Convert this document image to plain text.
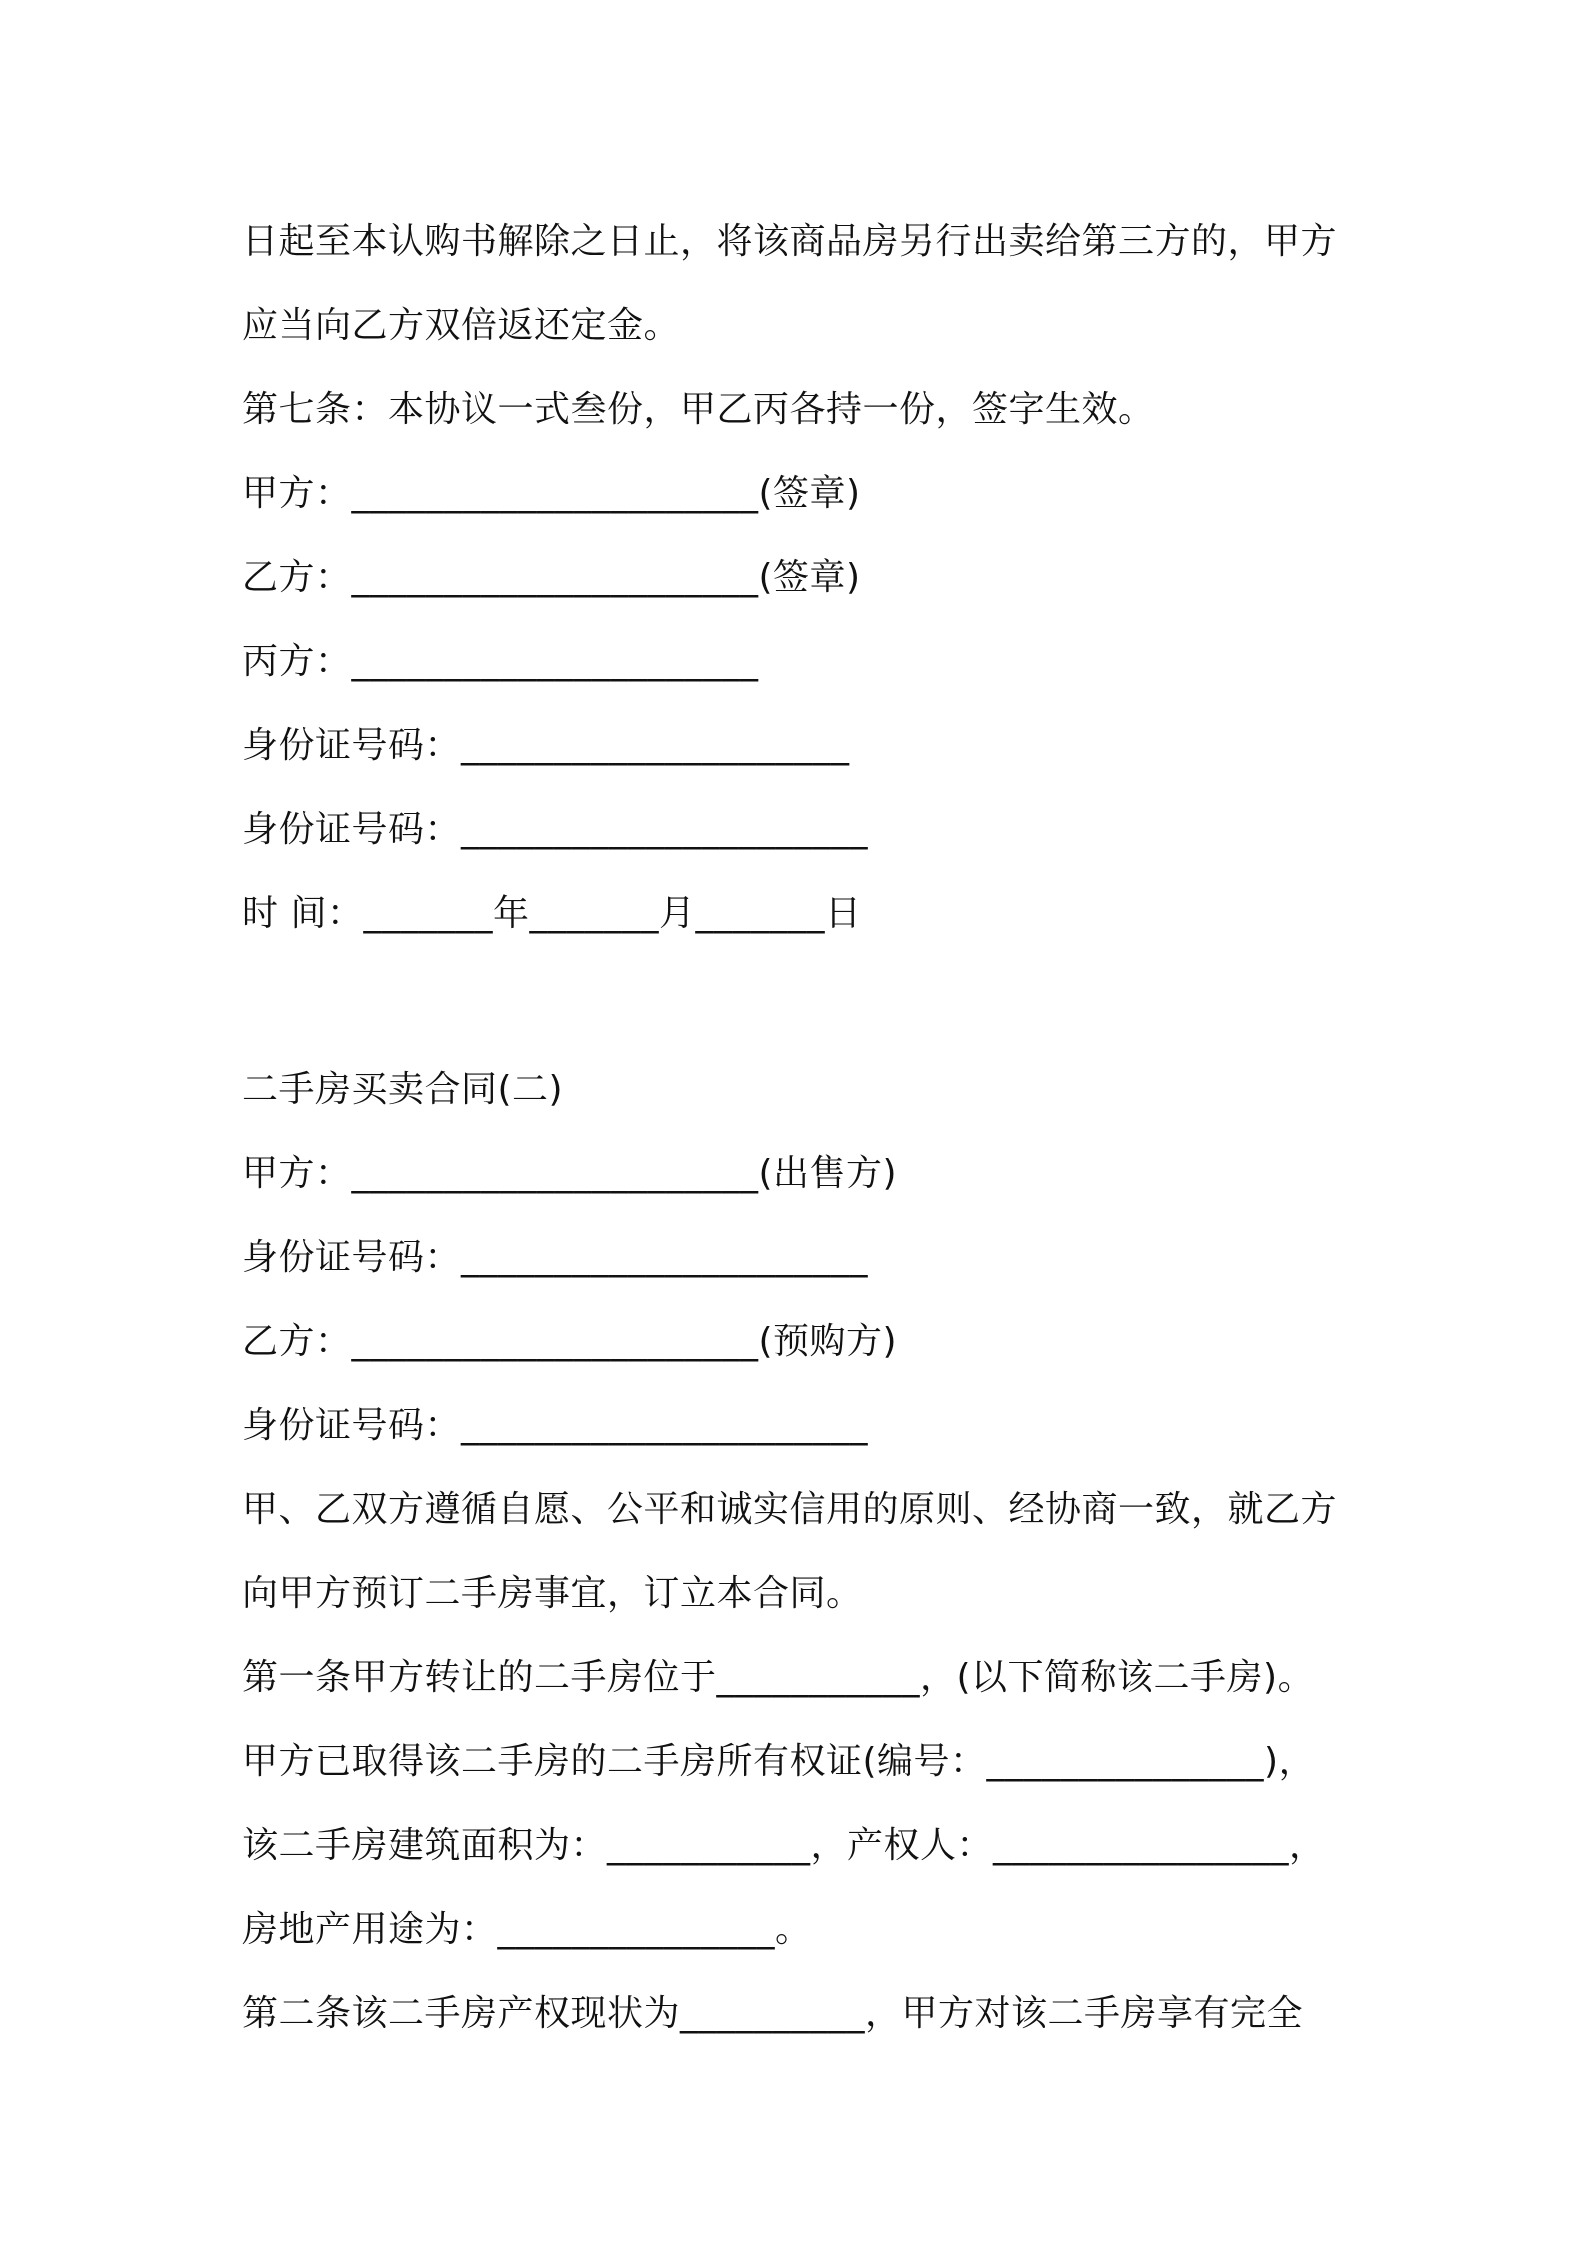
日起至本认购书解除之日止，将该商品房另行出卖给第三方的，甲方
应当向乙方双倍返还定金。
第七条：本协议一式叁份，甲乙丙各持一份，签字生效。
甲方：______________________(签章)
乙方：______________________(签章)
丙方：______________________
身份证号码：_____________________
身份证号码：______________________
时 间：_______年_______月_______日
二手房买卖合同(二)
甲方：______________________(出售方)
身份证号码：______________________
乙方：______________________(预购方)
身份证号码：______________________
甲、乙双方遵循自愿、公平和诚实信用的原则、经协商一致，就乙方
向甲方预订二手房事宜，订立本合同。
第一条甲方转让的二手房位于___________，(以下简称该二手房)。
甲方已取得该二手房的二手房所有权证(编号：_______________)，
该二手房建筑面积为：___________，产权人：________________，
房地产用途为：_______________。
第二条该二手房产权现状为__________，甲方对该二手房享有完全
